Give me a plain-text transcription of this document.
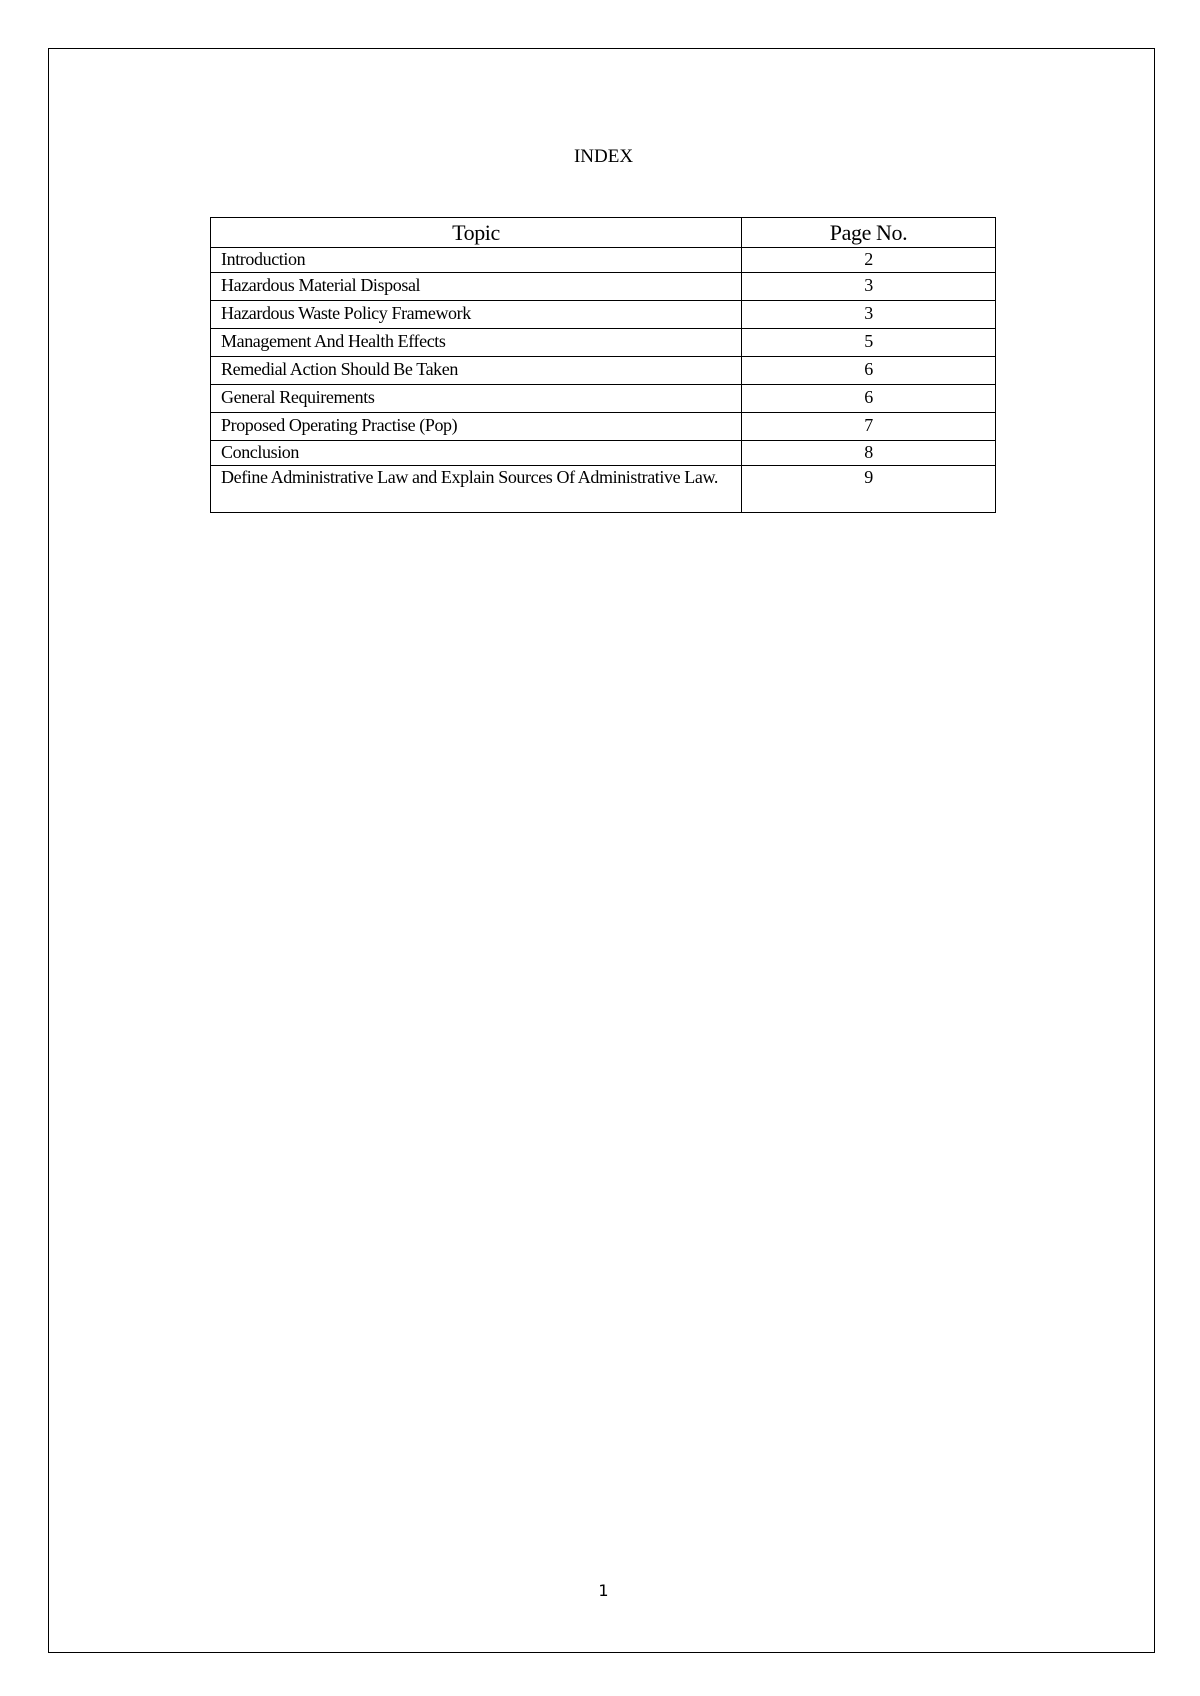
INDEX
Topic	Page No.
Introduction	2
Hazardous Material Disposal	3
Hazardous Waste Policy Framework	3
Management And Health Effects	5
Remedial Action Should Be Taken	6
General Requirements	6
Proposed Operating Practise (Pop)	7
Conclusion	8
Define Administrative Law and Explain Sources Of Administrative Law.	9
1
